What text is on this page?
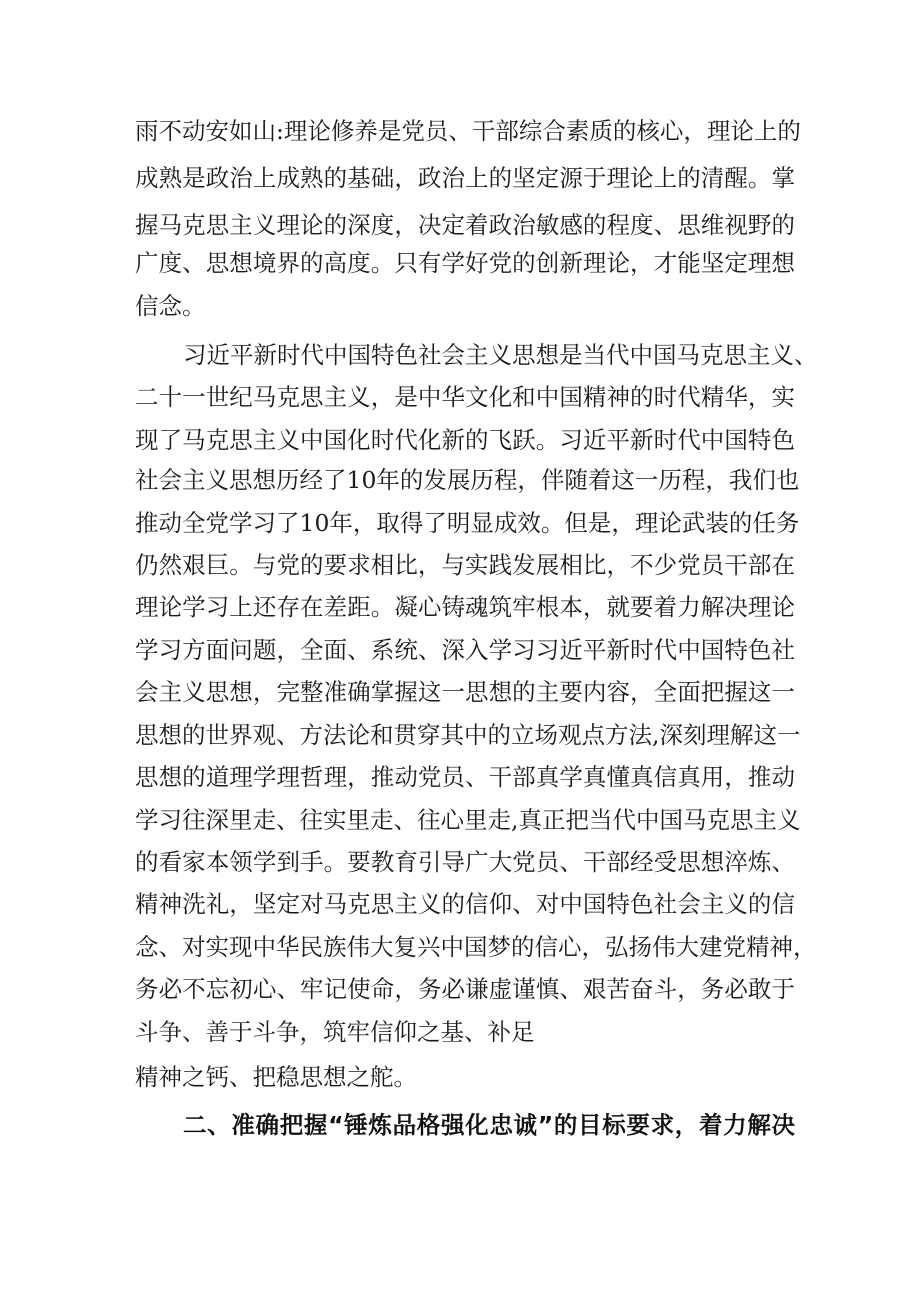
雨不动安如山:理论修养是党员、干部综合素质的核心，理论上的
成熟是政治上成熟的基础，政治上的坚定源于理论上的清醒。掌
握马克思主义理论的深度，决定着政治敏感的程度、思维视野的
广度、思想境界的高度。只有学好党的创新理论，才能坚定理想
信念。
习近平新时代中国特色社会主义思想是当代中国马克思主义、
二十一世纪马克思主义，是中华文化和中国精神的时代精华，实
现了马克思主义中国化时代化新的飞跃。习近平新时代中国特色
社会主义思想历经了10年的发展历程，伴随着这一历程，我们也
推动全党学习了10年，取得了明显成效。但是，理论武装的任务
仍然艰巨。与党的要求相比，与实践发展相比，不少党员干部在
理论学习上还存在差距。凝心铸魂筑牢根本，就要着力解决理论
学习方面问题，全面、系统、深入学习习近平新时代中国特色社
会主义思想，完整准确掌握这一思想的主要内容，全面把握这一
思想的世界观、方法论和贯穿其中的立场观点方法,深刻理解这一
思想的道理学理哲理，推动党员、干部真学真懂真信真用，推动
学习往深里走、往实里走、往心里走,真正把当代中国马克思主义
的看家本领学到手。要教育引导广大党员、干部经受思想淬炼、
精神洗礼，坚定对马克思主义的信仰、对中国特色社会主义的信
念、对实现中华民族伟大复兴中国梦的信心，弘扬伟大建党精神，
务必不忘初心、牢记使命，务必谦虚谨慎、艰苦奋斗，务必敢于
斗争、善于斗争，筑牢信仰之基、补足
精神之钙、把稳思想之舵。
二、准确把握“锤炼品格强化忠诚”的目标要求，着力解决
